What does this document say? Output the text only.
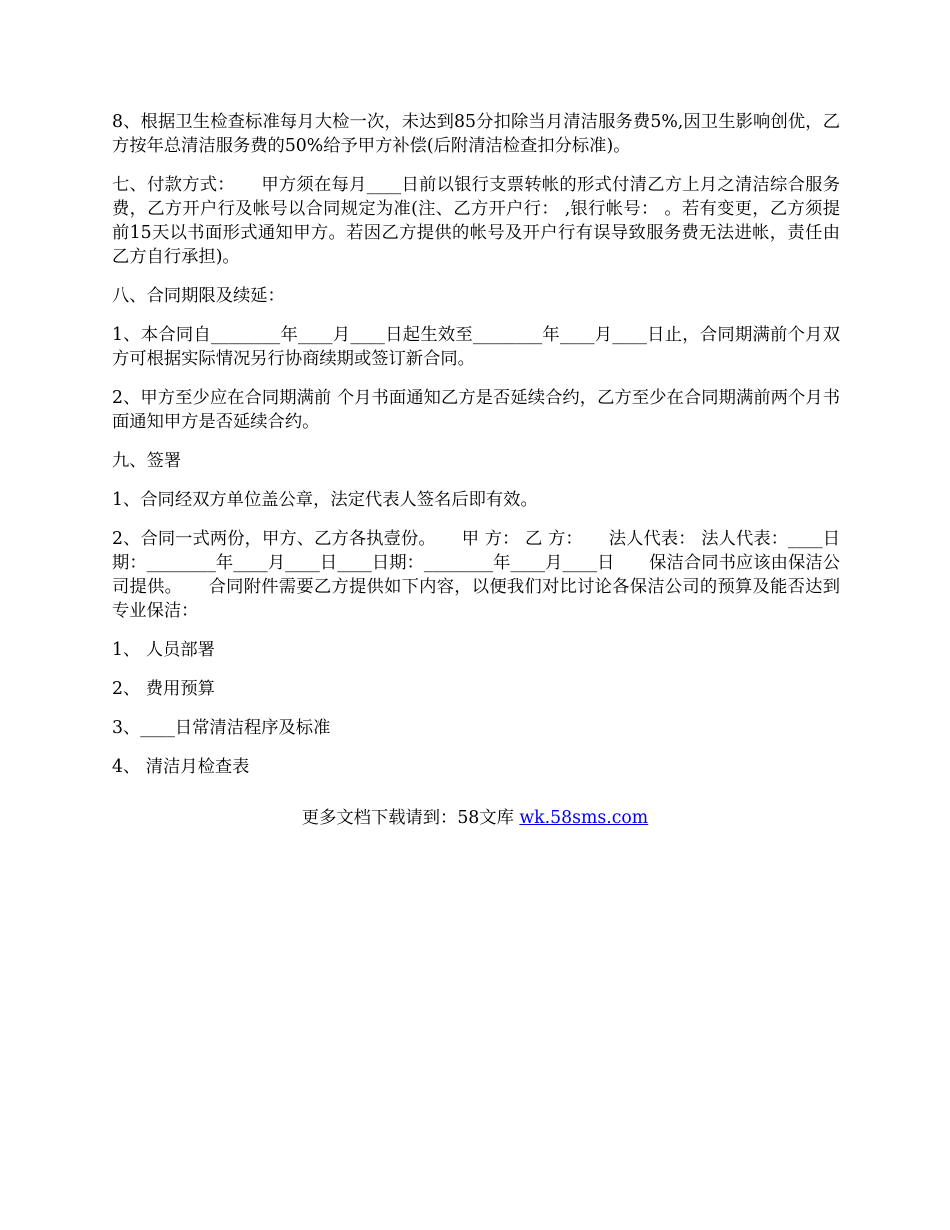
8、根据卫生检查标准每月大检一次，未达到85分扣除当月清洁服务费5%,因卫生影响创优，乙方按年总清洁服务费的50%给予甲方补偿(后附清洁检查扣分标准)。

七、付款方式：　　甲方须在每月____日前以银行支票转帐的形式付清乙方上月之清洁综合服务费，乙方开户行及帐号以合同规定为准(注、乙方开户行： ,银行帐号： 。若有变更，乙方须提前15天以书面形式通知甲方。若因乙方提供的帐号及开户行有误导致服务费无法进帐，责任由乙方自行承担)。

八、合同期限及续延：

1、本合同自________年____月____日起生效至________年____月____日止，合同期满前个月双方可根据实际情况另行协商续期或签订新合同。

2、甲方至少应在合同期满前 个月书面通知乙方是否延续合约，乙方至少在合同期满前两个月书面通知甲方是否延续合约。

九、签署

1、合同经双方单位盖公章，法定代表人签名后即有效。

2、合同一式两份，甲方、乙方各执壹份。　　甲 方： 乙 方：　　法人代表： 法人代表：____日期：________年____月____日____日期：________年____月____日　　保洁合同书应该由保洁公司提供。　　合同附件需要乙方提供如下内容，以便我们对比讨论各保洁公司的预算及能否达到专业保洁：

1、 人员部署

2、 费用预算

3、____日常清洁程序及标准

4、 清洁月检查表

更多文档下载请到：58文库 wk.58sms.com
